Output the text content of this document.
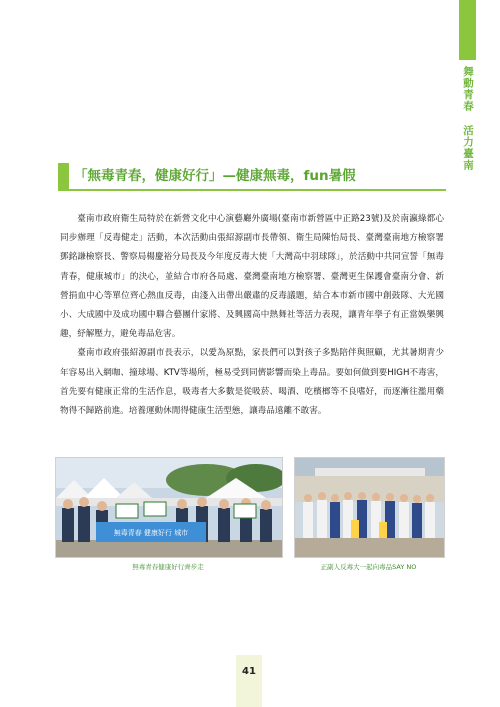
舞動青春 活力臺南
「無毒青春，健康好行」—健康無毒，fun暑假

臺南市政府衛生局特於在新營文化中心演藝廳外廣場(臺南市新營區中正路23號)及於南瀛綠都心同步辦理「反毒健走」活動，本次活動由張紹源副市長帶領、衛生局陳怡局長、臺灣臺南地方檢察署鄧銘謙檢察長、警察局楊慶裕分局長及今年度反毒大使「大灣高中羽球隊」，於活動中共同宣誓「無毒青春，健康城市」的決心，並結合市府各局處、臺灣臺南地方檢察署、臺灣更生保護會臺南分會、新營捐血中心等單位齊心熱血反毒，由淺入出帶出嚴肅的反毒議題，結合本市新市國中創鼓隊、大光國小、大成國中及成功國中聯合藝團什家將、及興國高中熱舞社等活力表現，讓青年學子有正當娛樂興趣，紓解壓力，避免毒品危害。

臺南市政府張紹源副市長表示，以愛為原點，家長們可以對孩子多點陪伴與照顧，尤其暑期青少年容易出入網咖、撞球場、KTV等場所，極易受到同儕影響而染上毒品。要如何做到要HIGH不毒害，首先要有健康正常的生活作息，吸毒者大多數是從吸菸、喝酒、吃檳榔等不良嗜好，而逐漸往濫用藥物得不歸路前進。培養運動休閒得健康生活型態，讓毒品遠離不敢害。

無毒青春 健康好行 城市
無毒青春健康好行齊步走	正副人反毒大一起向毒品SAY NO
41
